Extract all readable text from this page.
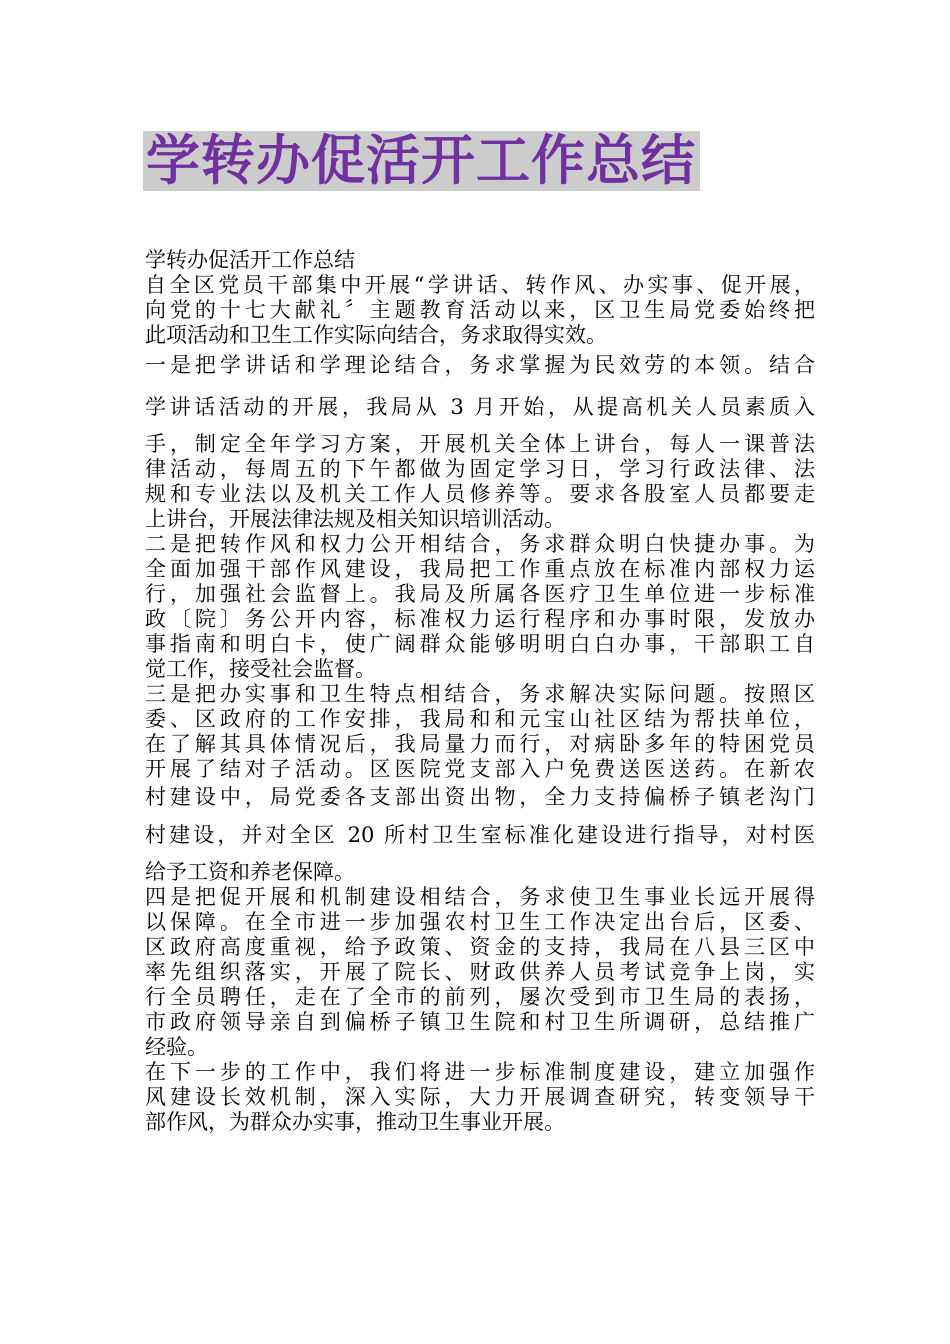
学转办促活开工作总结
学转办促活开工作总结
自全区党员干部集中开展“学讲话、转作风、办实事、促开展，
向党的十七大献礼〞主题教育活动以来，区卫生局党委始终把
此项活动和卫生工作实际向结合，务求取得实效。
一是把学讲话和学理论结合，务求掌握为民效劳的本领。结合
学讲话活动的开展，我局从 3 月开始，从提高机关人员素质入
手，制定全年学习方案，开展机关全体上讲台，每人一课普法
律活动，每周五的下午都做为固定学习日，学习行政法律、法
规和专业法以及机关工作人员修养等。要求各股室人员都要走
上讲台，开展法律法规及相关知识培训活动。
二是把转作风和权力公开相结合，务求群众明白快捷办事。为
全面加强干部作风建设，我局把工作重点放在标准内部权力运
行，加强社会监督上。我局及所属各医疗卫生单位进一步标准
政〔院〕务公开内容，标准权力运行程序和办事时限，发放办
事指南和明白卡，使广阔群众能够明明白白办事，干部职工自
觉工作，接受社会监督。
三是把办实事和卫生特点相结合，务求解决实际问题。按照区
委、区政府的工作安排，我局和和元宝山社区结为帮扶单位，
在了解其具体情况后，我局量力而行，对病卧多年的特困党员
开展了结对子活动。区医院党支部入户免费送医送药。在新农
村建设中，局党委各支部出资出物，全力支持偏桥子镇老沟门
村建设，并对全区 20 所村卫生室标准化建设进行指导，对村医
给予工资和养老保障。
四是把促开展和机制建设相结合，务求使卫生事业长远开展得
以保障。在全市进一步加强农村卫生工作决定出台后，区委、
区政府高度重视，给予政策、资金的支持，我局在八县三区中
率先组织落实，开展了院长、财政供养人员考试竞争上岗，实
行全员聘任，走在了全市的前列，屡次受到市卫生局的表扬，
市政府领导亲自到偏桥子镇卫生院和村卫生所调研，总结推广
经验。
在下一步的工作中，我们将进一步标准制度建设，建立加强作
风建设长效机制，深入实际，大力开展调查研究，转变领导干
部作风，为群众办实事，推动卫生事业开展。
